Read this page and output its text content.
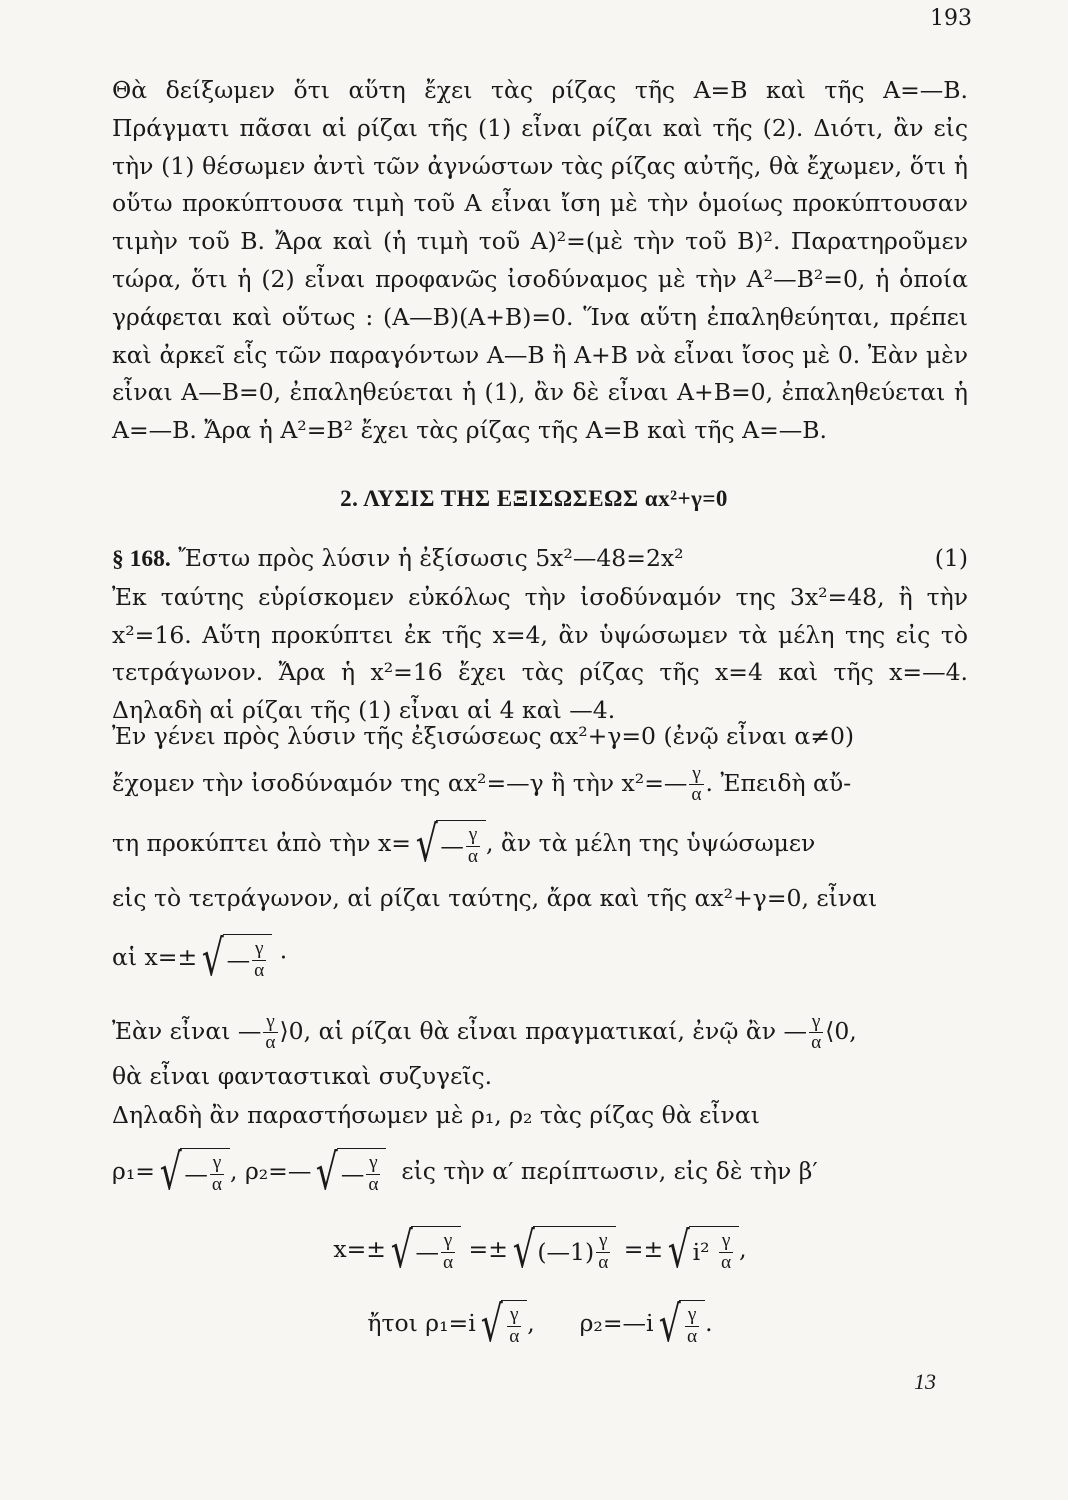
193

Θὰ δείξωμεν ὅτι αὕτη ἔχει τὰς ρίζας τῆς Α=Β καὶ τῆς Α=—Β. Πράγματι πᾶσαι αἱ ρίζαι τῆς (1) εἶναι ρίζαι καὶ τῆς (2). Διότι, ἂν εἰς τὴν (1) θέσωμεν ἀντὶ τῶν ἀγνώστων τὰς ρίζας αὐτῆς, θὰ ἔχωμεν, ὅτι ἡ οὕτω προκύπτουσα τιμὴ τοῦ Α εἶναι ἴση μὲ τὴν ὁμοίως προκύπτουσαν τιμὴν τοῦ Β. Ἄρα καὶ (ἡ τιμὴ τοῦ Α)²=(μὲ τὴν τοῦ Β)². Παρατηροῦμεν τώρα, ὅτι ἡ (2) εἶναι προφανῶς ἰσοδύναμος μὲ τὴν Α²—Β²=0, ἡ ὁποία γράφεται καὶ οὕτως : (Α—Β)(Α+Β)=0. Ἵνα αὕτη ἐπαληθεύηται, πρέπει καὶ ἀρκεῖ εἷς τῶν παραγόντων Α—Β ἢ Α+Β νὰ εἶναι ἴσος μὲ 0. Ἐὰν μὲν εἶναι Α—Β=0, ἐπαληθεύεται ἡ (1), ἂν δὲ εἶναι Α+Β=0, ἐπαληθεύεται ἡ Α=—Β. Ἄρα ἡ Α²=Β² ἔχει τὰς ρίζας τῆς Α=Β καὶ τῆς Α=—Β.

2. ΛΥΣΙΣ ΤΗΣ ΕΞΙΣΩΣΕΩΣ αx²+γ=0

(1)
§ 168. Ἔστω πρὸς λύσιν ἡ ἐξίσωσις 5x²—48=2x²
Ἐκ ταύτης εὑρίσκομεν εὐκόλως τὴν ἰσοδύναμόν της 3x²=48, ἢ τὴν x²=16. Αὕτη προκύπτει ἐκ τῆς x=4, ἂν ὑψώσωμεν τὰ μέλη της εἰς τὸ τετράγωνον. Ἄρα ἡ x²=16 ἔχει τὰς ρίζας τῆς x=4 καὶ τῆς x=—4. Δηλαδὴ αἱ ρίζαι τῆς (1) εἶναι αἱ 4 καὶ —4.

Ἐν γένει πρὸς λύσιν τῆς ἐξισώσεως αx²+γ=0 (ἐνῷ εἶναι α≠0)
ἔχομεν τὴν ἰσοδύναμόν της αx²=—γ ἢ τὴν x²=— $\frac{\gamma}{\alpha}$ . Ἐπειδὴ αὔ-
τη προκύπτει ἀπὸ τὴν x= √ — $\frac{\gamma}{\alpha}$ , ἂν τὰ μέλη της ὑψώσωμεν
εἰς τὸ τετράγωνον, αἱ ρίζαι ταύτης, ἄρα καὶ τῆς αx²+γ=0, εἶναι
αἱ x=± √ — $\frac{\gamma}{\alpha}$ ·
Ἐὰν εἶναι — $\frac{\gamma}{\alpha}$ ⟩0, αἱ ρίζαι θὰ εἶναι πραγματικαί, ἐνῷ ἂν — $\frac{\gamma}{\alpha}$ ⟨0,
θὰ εἶναι φανταστικαὶ συζυγεῖς.
Δηλαδὴ ἂν παραστήσωμεν μὲ ρ₁, ρ₂ τὰς ρίζας θὰ εἶναι
ρ₁= √ — $\frac{\gamma}{\alpha}$ , ρ₂=— √ — $\frac{\gamma}{\alpha}$ εἰς τὴν α′ περίπτωσιν, εἰς δὲ τὴν β′
x=± √ — $\frac{\gamma}{\alpha}$ =± √ (—1) $\frac{\gamma}{\alpha}$ =± √ i²
$\frac{\gamma}{\alpha}$ ,
ἤτοι ρ₁=i √ $\frac{\gamma}{\alpha}$ , ρ₂=—i √ $\frac{\gamma}{\alpha}$ .
13
